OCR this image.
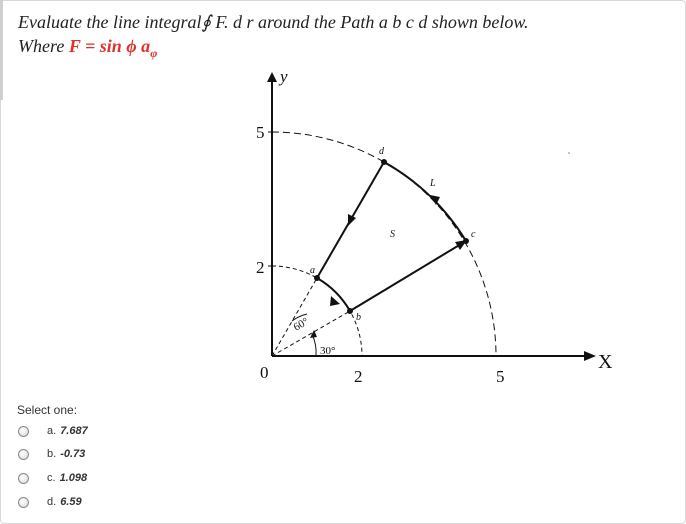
Evaluate the line integral∮ F. d r around the Path a b c d shown below.
Where F = sin ϕ $a_\varphi$
y
X
0	2	5
2
5
60°
30°
a
b
c
d
L
S
Select one:
a. 7.687
b. -0.73
c. 1.098
d. 6.59
